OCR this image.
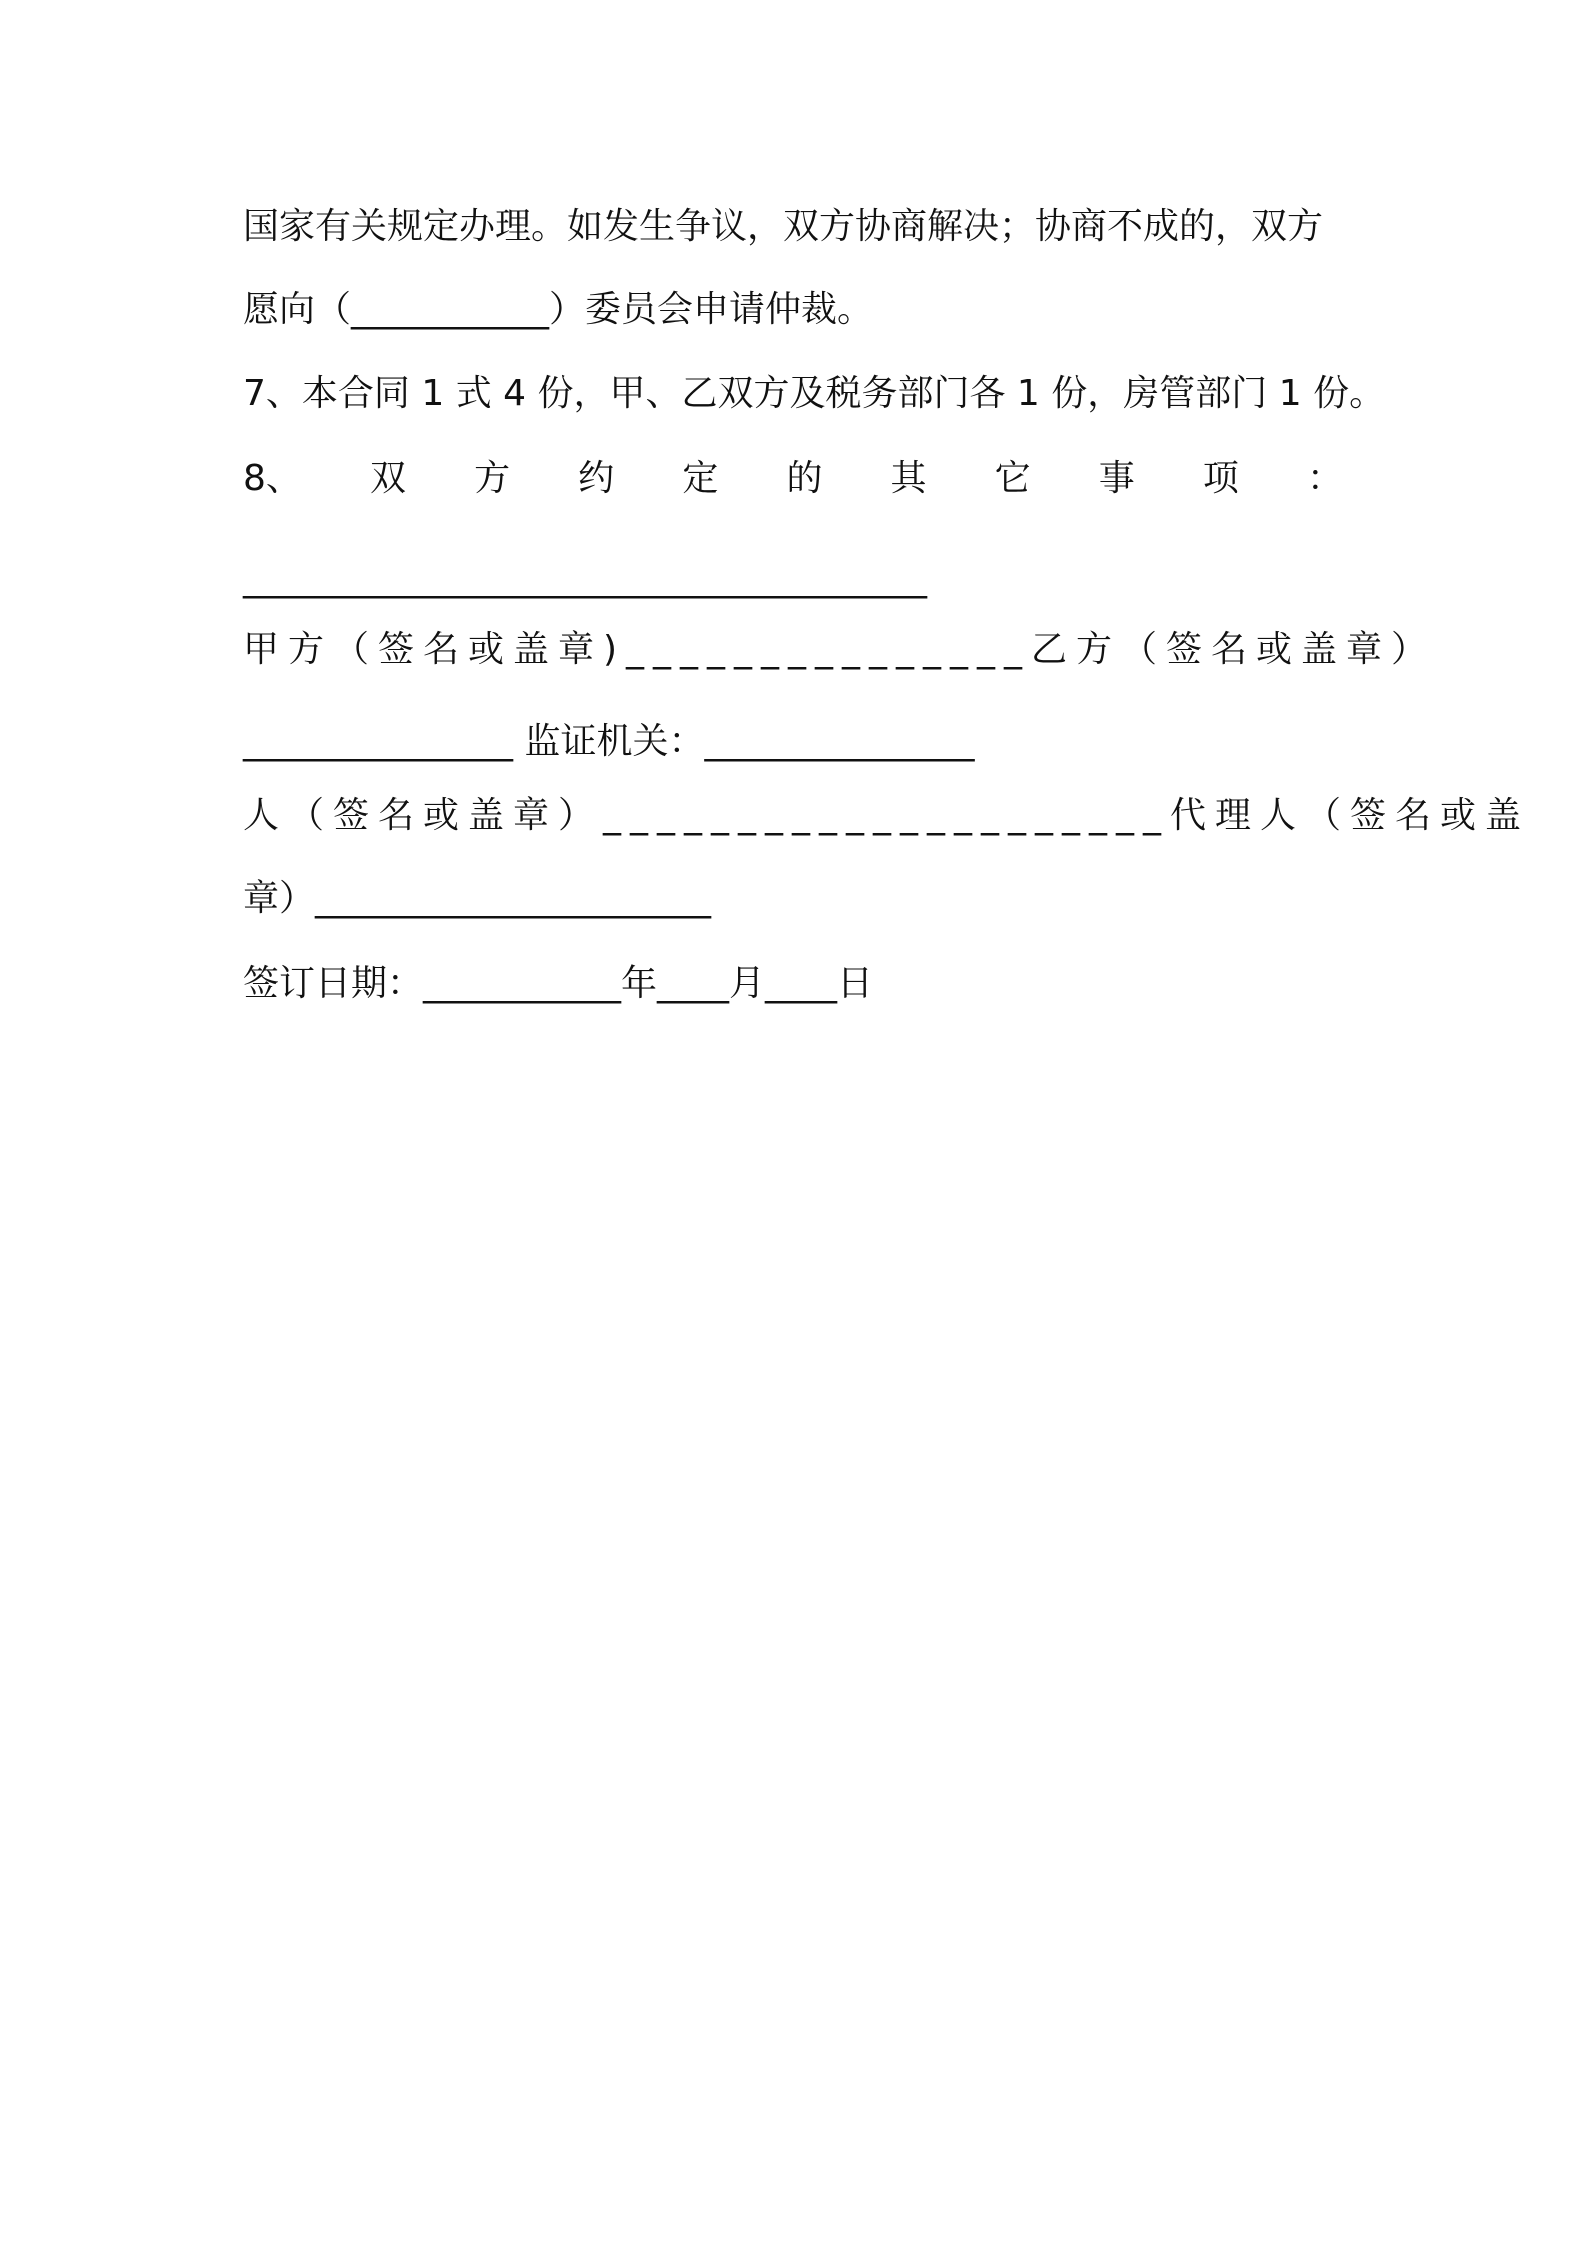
国家有关规定办理。如发生争议，双方协商解决；协商不成的，双方
愿向（___________）委员会申请仲裁。
7、本合同 1 式 4 份，甲、乙双方及税务部门各 1 份，房管部门 1 份。
8、 双 方 约 定 的 其 它 事 项 ：
______________________________________
甲方（签名或盖章)_______________ 乙方（签名或盖章）
_______________ 监证机关：_______________
人（签名或盖章）_____________________ 代理人（签名或盖
章）______________________
签订日期：___________年____月____日
